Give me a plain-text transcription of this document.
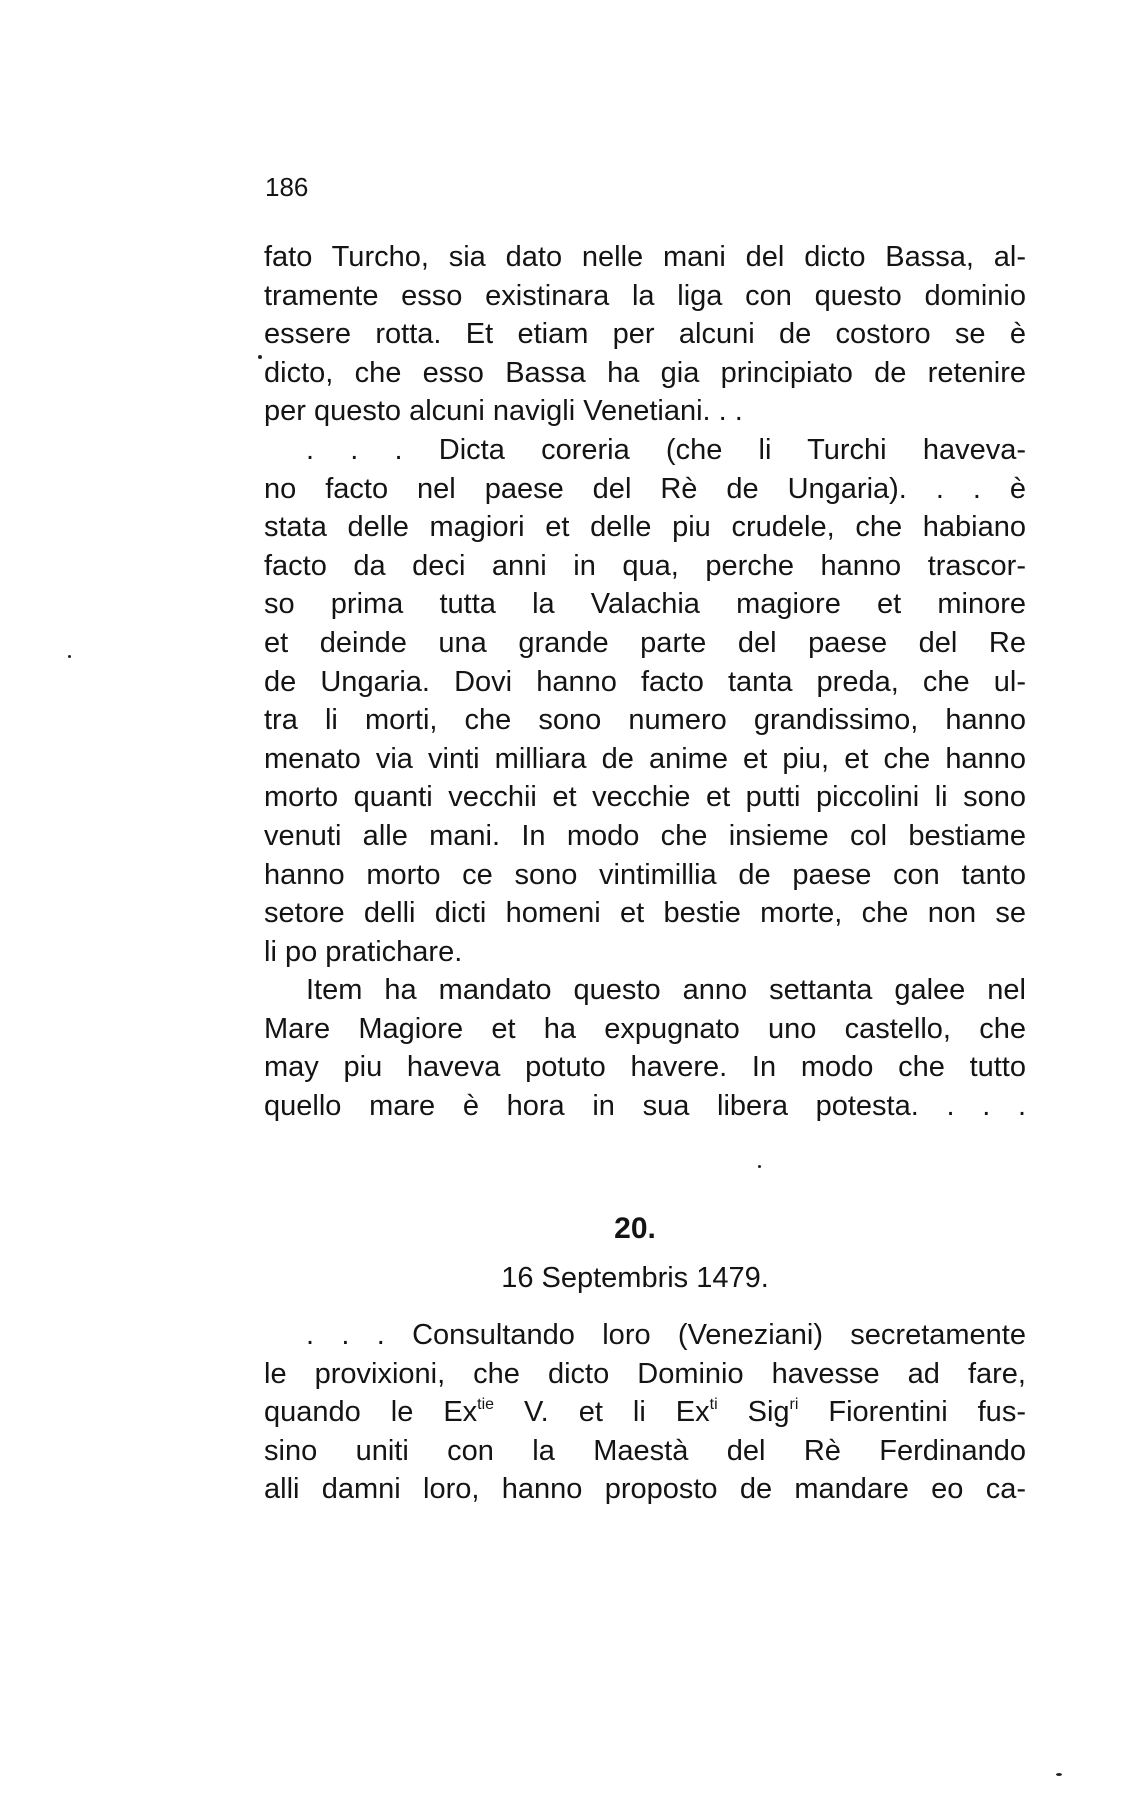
186
fato Turcho, sia dato nelle mani del dicto Bassa, al-
tramente esso existinara la liga con questo dominio
essere rotta. Et etiam per alcuni de costoro se è
dicto, che esso Bassa ha gia principiato de retenire
per questo alcuni navigli Venetiani. . .
. . . Dicta coreria (che li Turchi haveva-
no facto nel paese del Rè de Ungaria). . . è
stata delle magiori et delle piu crudele, che habiano
facto da deci anni in qua, perche hanno trascor-
so prima tutta la Valachia magiore et minore
et deinde una grande parte del paese del Re
de Ungaria. Dovi hanno facto tanta preda, che ul-
tra li morti, che sono numero grandissimo, hanno
menato via vinti milliara de anime et piu, et che hanno
morto quanti vecchii et vecchie et putti piccolini li sono
venuti alle mani. In modo che insieme col bestiame
hanno morto ce sono vintimillia de paese con tanto
setore delli dicti homeni et bestie morte, che non se
li po pratichare.
Item ha mandato questo anno settanta galee nel
Mare Magiore et ha expugnato uno castello, che
may piu haveva potuto havere. In modo che tutto
quello mare è hora in sua libera potesta. . . .
20.
16 Septembris 1479.
. . . Consultando loro (Veneziani) secretamente
le provixioni, che dicto Dominio havesse ad fare,
quando le $Ex^{tie}$ V. et li $Ex^{ti}$ Sig$^{ri}$ Fiorentini fus-
sino uniti con la Maestà del Rè Ferdinando
alli damni loro, hanno proposto de mandare eo ca-
